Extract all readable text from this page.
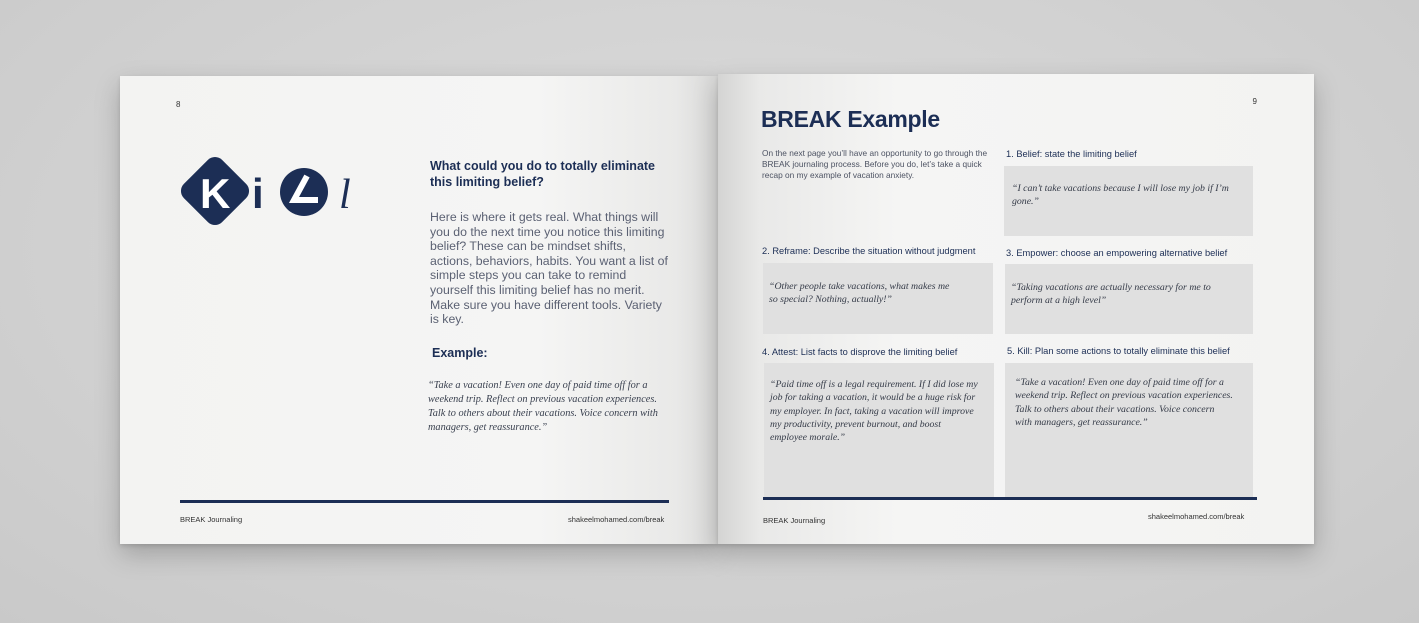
8
K i l
What could you do to totally eliminate this limiting belief?
Here is where it gets real. What things will you do the next time you notice this limiting belief? These can be mindset shifts, actions, behaviors, habits. You want a list of simple steps you can take to remind yourself this limiting belief has no merit. Make sure you have different tools. Variety is key.
Example:
“Take a vacation! Even one day of paid time off for a weekend trip. Reflect on previous vacation experiences. Talk to others about their vacations. Voice concern with managers, get reassurance.”
BREAK Journaling	shakeelmohamed.com/break
9
BREAK Example
On the next page you’ll have an opportunity to go through the BREAK journaling process. Before you do, let’s take a quick recap on my example of vacation anxiety.
1. Belief: state the limiting belief
“I can’t take vacations because I will lose my job if I’m gone.”
2. Reframe: Describe the situation without judgment
“Other people take vacations, what makes me so special? Nothing, actually!”
3. Empower: choose an empowering alternative belief
“Taking vacations are actually necessary for me to perform at a high level”
4. Attest: List facts to disprove the limiting belief
“Paid time off is a legal requirement. If I did lose my job for taking a vacation, it would be a huge risk for my employer. In fact, taking a vacation will improve my productivity, prevent burnout, and boost employee morale.”
5. Kill: Plan some actions to totally eliminate this belief
“Take a vacation! Even one day of paid time off for a weekend trip. Reflect on previous vacation experiences. Talk to others about their vacations. Voice concern with managers, get reassurance.”
BREAK Journaling	shakeelmohamed.com/break
